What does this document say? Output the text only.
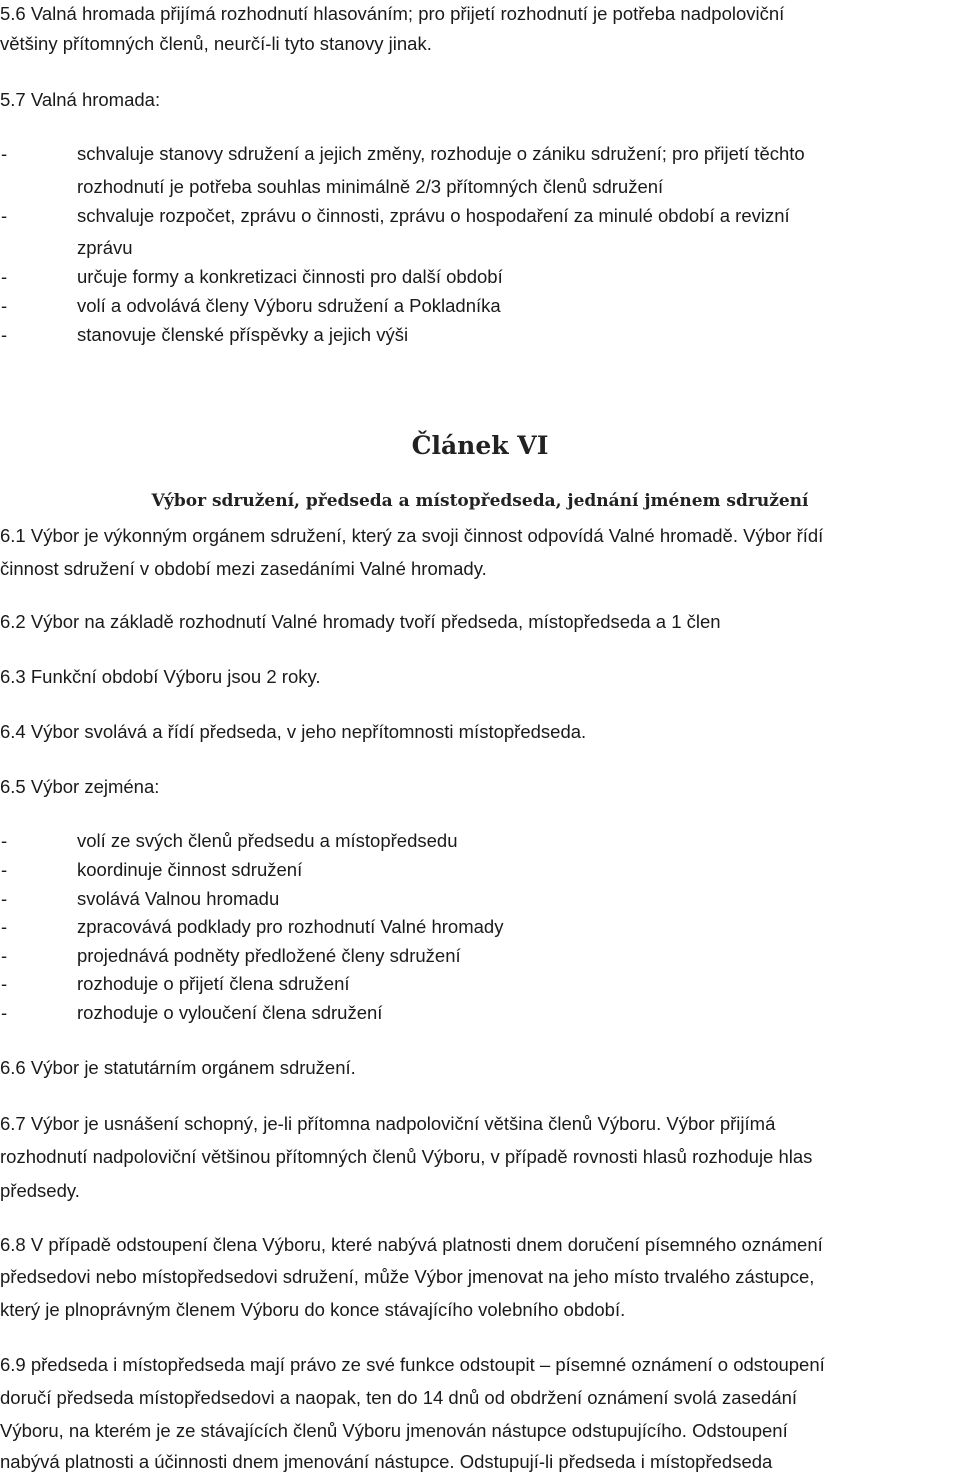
5.6 Valná hromada přijímá rozhodnutí hlasováním; pro přijetí rozhodnutí je potřeba nadpoloviční
většiny přítomných členů, neurčí-li tyto stanovy jinak.
5.7 Valná hromada:
-	schvaluje stanovy sdružení a jejich změny, rozhoduje o zániku sdružení; pro přijetí těchto
rozhodnutí je potřeba souhlas minimálně 2/3 přítomných členů sdružení
-	schvaluje rozpočet, zprávu o činnosti, zprávu o hospodaření za minulé období a revizní
zprávu
-	určuje formy a konkretizaci činnosti pro další období
-	volí a odvolává členy Výboru sdružení a Pokladníka
-	stanovuje členské příspěvky a jejich výši
Článek VI
Výbor sdružení, předseda a místopředseda, jednání jménem sdružení
6.1 Výbor je výkonným orgánem sdružení, který za svoji činnost odpovídá Valné hromadě. Výbor řídí
činnost sdružení v období mezi zasedáními Valné hromady.
6.2 Výbor na základě rozhodnutí Valné hromady tvoří předseda, místopředseda a 1 člen
6.3 Funkční období Výboru jsou 2 roky.
6.4 Výbor svolává a řídí předseda, v jeho nepřítomnosti místopředseda.
6.5 Výbor zejména:
-	volí ze svých členů předsedu a místopředsedu
-	koordinuje činnost sdružení
-	svolává Valnou hromadu
-	zpracovává podklady pro rozhodnutí Valné hromady
-	projednává podněty předložené členy sdružení
-	rozhoduje o přijetí člena sdružení
-	rozhoduje o vyloučení člena sdružení
6.6 Výbor je statutárním orgánem sdružení.
6.7 Výbor je usnášení schopný, je-li přítomna nadpoloviční většina členů Výboru. Výbor přijímá
rozhodnutí nadpoloviční většinou přítomných členů Výboru, v případě rovnosti hlasů rozhoduje hlas
předsedy.
6.8 V případě odstoupení člena Výboru, které nabývá platnosti dnem doručení písemného oznámení
předsedovi nebo místopředsedovi sdružení, může Výbor jmenovat na jeho místo trvalého zástupce,
který je plnoprávným členem Výboru do konce stávajícího volebního období.
6.9 předseda i místopředseda mají právo ze své funkce odstoupit – písemné oznámení o odstoupení
doručí předseda místopředsedovi a naopak, ten do 14 dnů od obdržení oznámení svolá zasedání
Výboru, na kterém je ze stávajících členů Výboru jmenován nástupce odstupujícího. Odstoupení
nabývá platnosti a účinnosti dnem jmenování nástupce. Odstupují-li předseda i místopředseda
